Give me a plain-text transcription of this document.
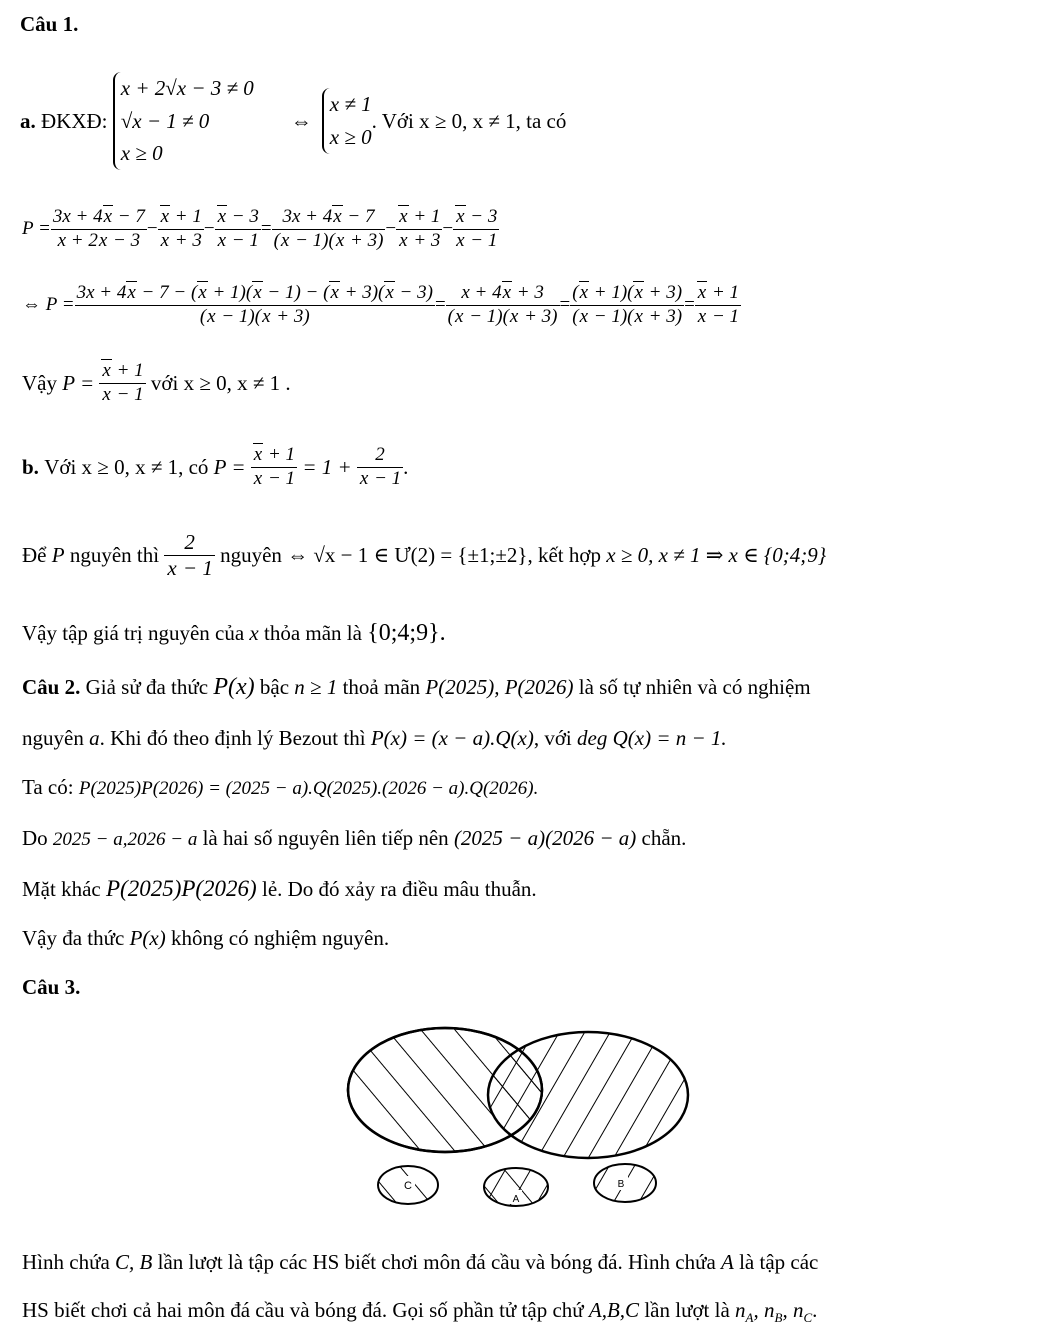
Câu 1.
a.
ĐKXĐ:

x + 2√x − 3 ≠ 0
√x − 1 ≠ 0
x ≥ 0
⇔
x ≠ 1
x ≥ 0
. Với x ≥ 0, x ≠ 1, ta có
$P = \frac{3x + 4x - 7}{x + 2x - 3} - \frac{x + 1}{x + 3} - \frac{x - 3}{x - 1} = \frac{3x + 4x - 7}{(x - 1)(x + 3)} - \frac{x + 1}{x + 3} - \frac{x - 3}{x - 1}$
⇔ $P = \frac{3x + 4x - 7 - (x + 1)(x - 1) - (x + 3)(x - 3)}{(x - 1)(x + 3)} = \frac{x + 4x + 3}{(x - 1)(x + 3)} = \frac{(x + 1)(x + 3)}{(x - 1)(x + 3)} = \frac{x + 1}{x - 1}$
Vậy
P =
$\frac{x + 1}{x - 1}$
với x ≥ 0, x ≠ 1 .
b.
Với x ≥ 0, x ≠ 1, có
P =
$\frac{x + 1}{x - 1} = 1 + \frac{2}{x - 1}$ .
Để
P
nguyên thì
$\frac{2}{x - 1}$
nguyên ⇔ √x − 1 ∈ Ư(2) = {±1;±2} , kết hợp
x ≥ 0, x ≠ 1 ⇒ x ∈ {0;4;9}
Vậy tập giá trị nguyên của x thỏa mãn là {0;4;9}.
Câu 2. Giả sử đa thức P(x) bậc n ≥ 1 thoả mãn P(2025), P(2026) là số tự nhiên và có nghiệm
nguyên a. Khi đó theo định lý Bezout thì P(x) = (x − a).Q(x), với deg Q(x) = n − 1.
Ta có: P(2025)P(2026) = (2025 − a).Q(2025).(2026 − a).Q(2026).
Do 2025 − a,2026 − a là hai số nguyên liên tiếp nên (2025 − a)(2026 − a) chẵn.
Mặt khác P(2025)P(2026) lẻ. Do đó xảy ra điều mâu thuẫn.
Vậy đa thức P(x) không có nghiệm nguyên.
Câu 3.
C
A
B
Hình chứa C, B lần lượt là tập các HS biết chơi môn đá cầu và bóng đá. Hình chứa A là tập các
HS biết chơi cả hai môn đá cầu và bóng đá. Gọi số phần tử tập chứ A,B,C lần lượt là $n_A$, $n_B$, $n_C$.
